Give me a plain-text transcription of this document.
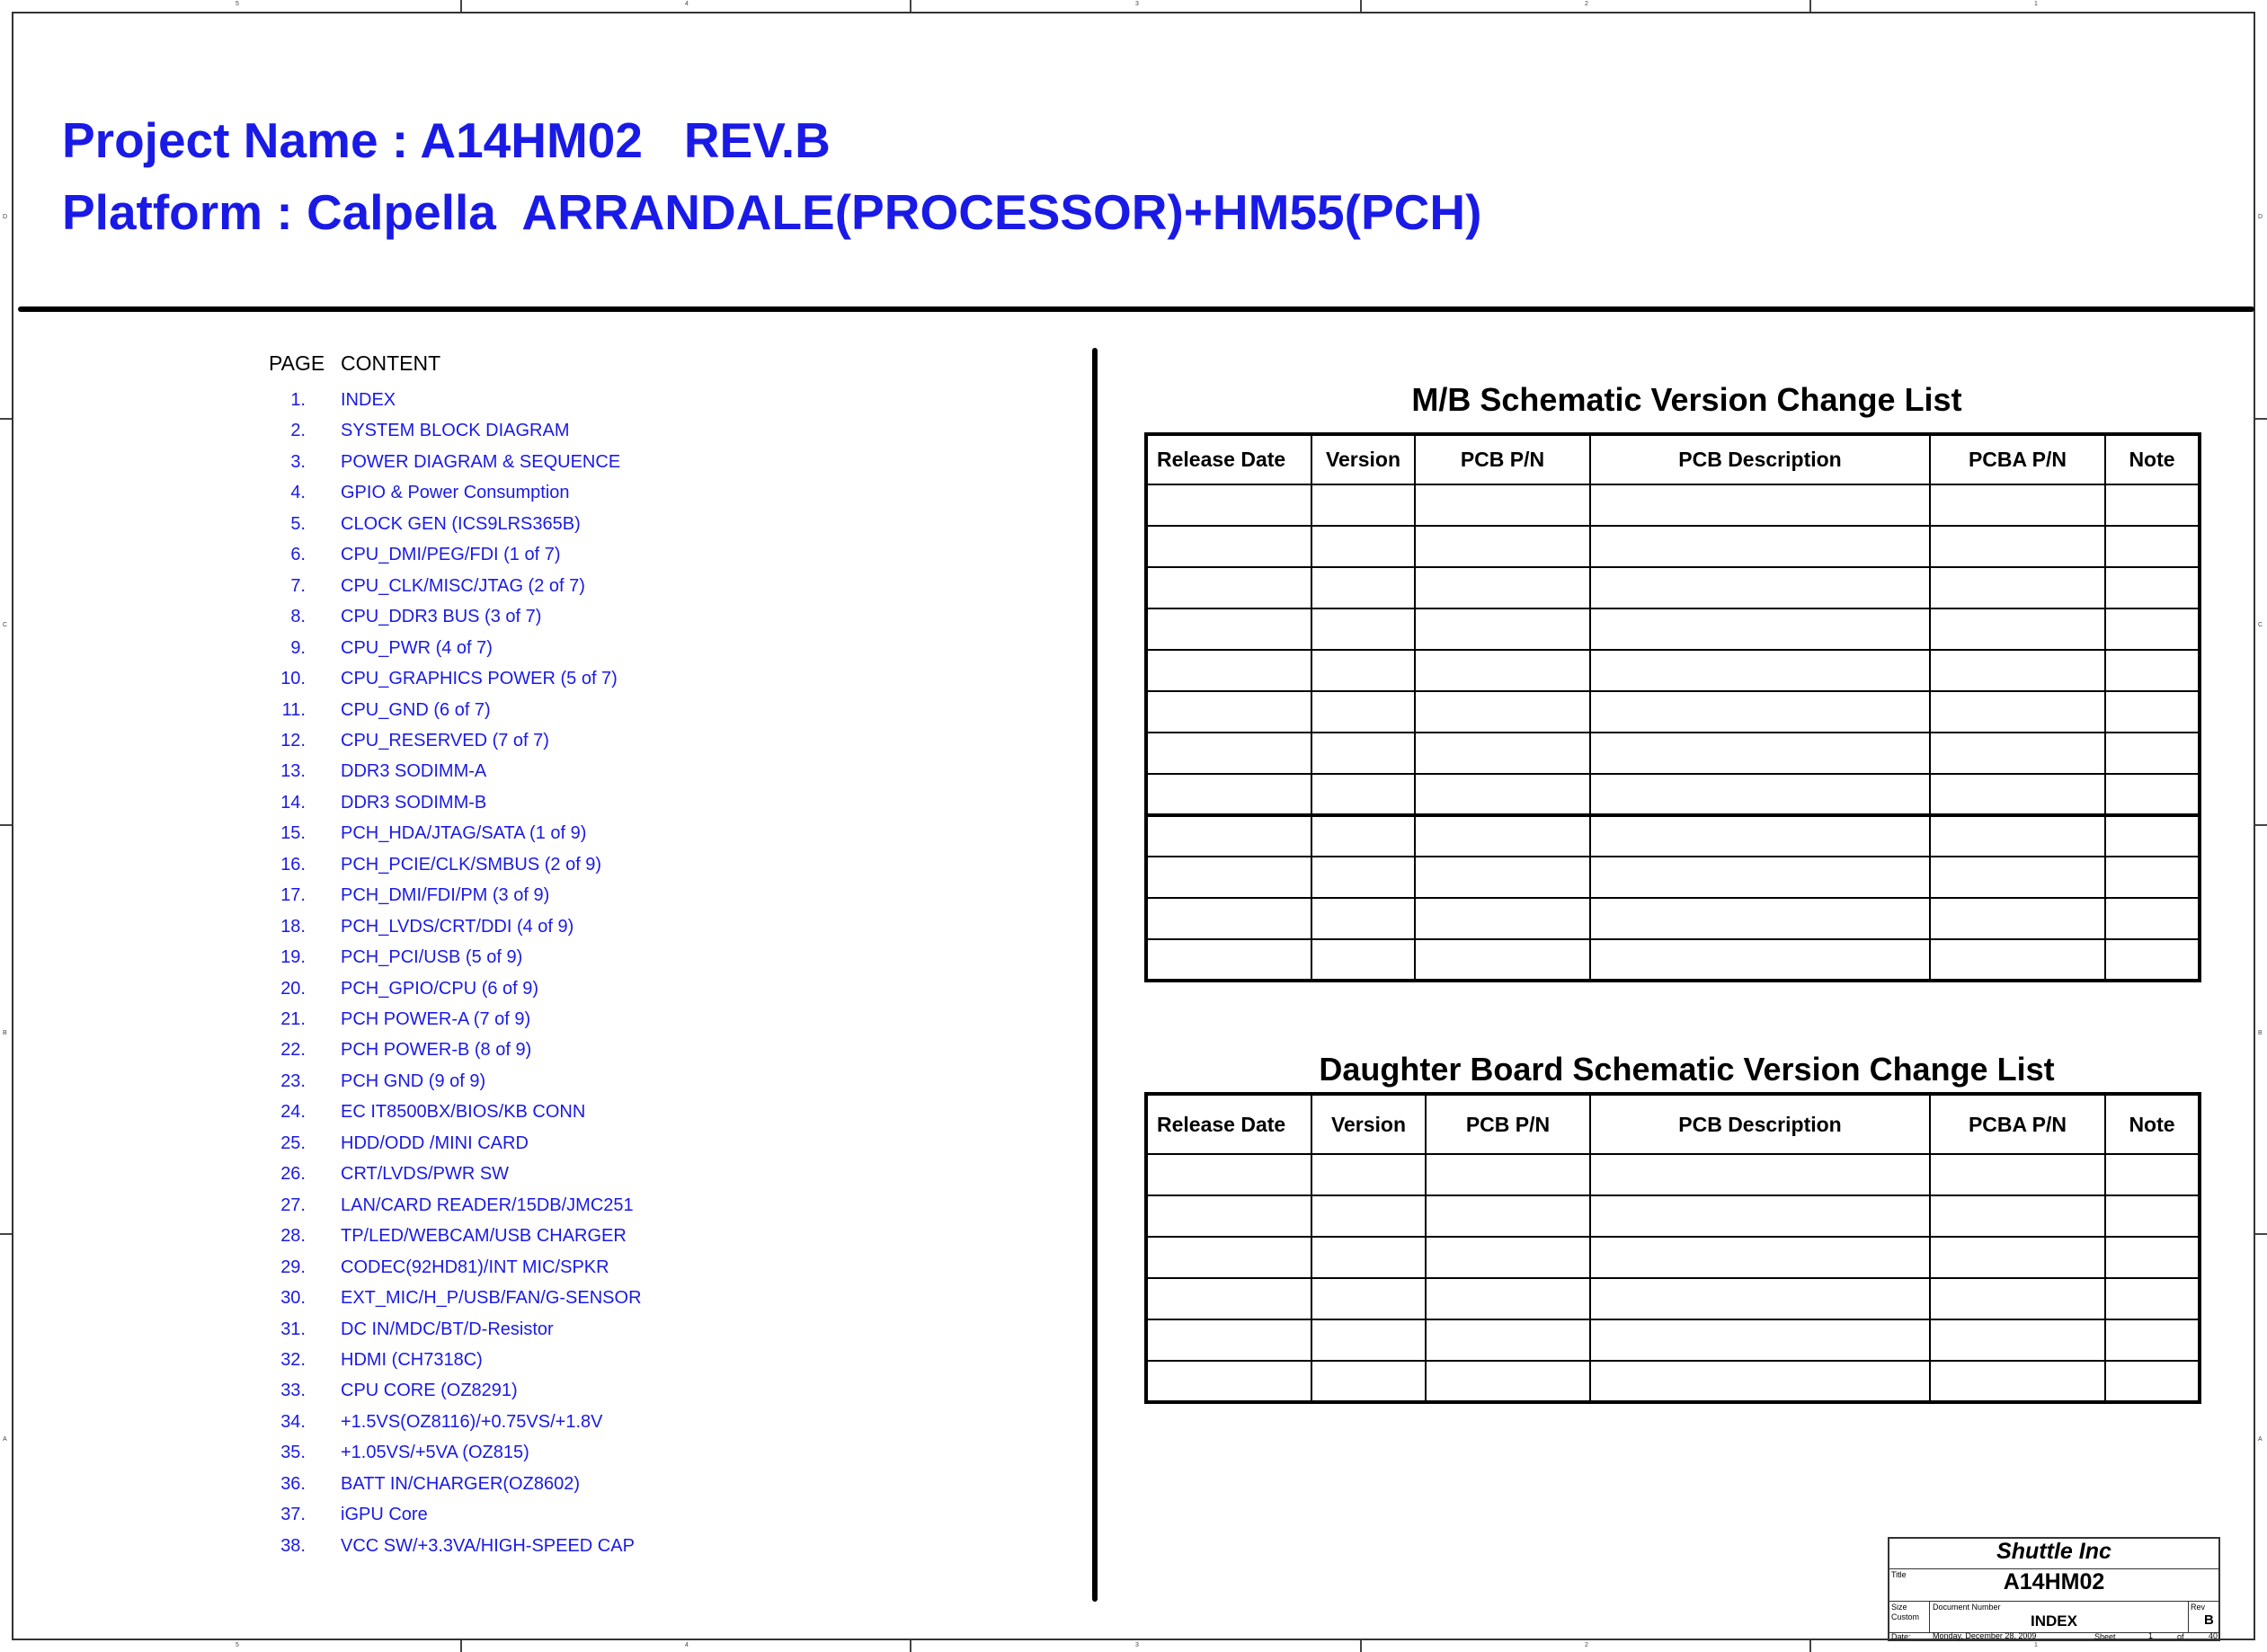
5	4	3	2	1
5	4	3	2	1
D
C
B
A
D
C
B
A
Project Name : A14HM02   REV.B
Platform : Calpella  ARRANDALE(PROCESSOR)+HM55(PCH)
PAGE CONTENT
1. INDEX
2. SYSTEM BLOCK DIAGRAM
3. POWER DIAGRAM & SEQUENCE
4. GPIO & Power Consumption
5. CLOCK GEN (ICS9LRS365B)
6. CPU_DMI/PEG/FDI (1 of 7)
7. CPU_CLK/MISC/JTAG (2 of 7)
8. CPU_DDR3 BUS (3 of 7)
9. CPU_PWR (4 of 7)
10. CPU_GRAPHICS POWER (5 of 7)
11. CPU_GND (6 of 7)
12. CPU_RESERVED (7 of 7)
13. DDR3 SODIMM-A
14. DDR3 SODIMM-B
15. PCH_HDA/JTAG/SATA (1 of 9)
16. PCH_PCIE/CLK/SMBUS (2 of 9)
17. PCH_DMI/FDI/PM (3 of 9)
18. PCH_LVDS/CRT/DDI (4 of 9)
19. PCH_PCI/USB (5 of 9)
20. PCH_GPIO/CPU (6 of 9)
21. PCH POWER-A (7 of 9)
22. PCH POWER-B (8 of 9)
23. PCH GND (9 of 9)
24. EC IT8500BX/BIOS/KB CONN
25. HDD/ODD /MINI CARD
26. CRT/LVDS/PWR SW
27. LAN/CARD READER/15DB/JMC251
28. TP/LED/WEBCAM/USB CHARGER
29. CODEC(92HD81)/INT MIC/SPKR
30. EXT_MIC/H_P/USB/FAN/G-SENSOR
31. DC IN/MDC/BT/D-Resistor
32. HDMI (CH7318C)
33. CPU CORE (OZ8291)
34. +1.5VS(OZ8116)/+0.75VS/+1.8V
35. +1.05VS/+5VA (OZ815)
36. BATT IN/CHARGER(OZ8602)
37. iGPU Core
38. VCC SW/+3.3VA/HIGH-SPEED CAP
M/B Schematic Version Change List
Release Date	Version	PCB P/N	PCB Description	PCBA P/N	Note

Daughter Board Schematic Version Change List
Release Date	Version	PCB P/N	PCB Description	PCBA P/N	Note

Shuttle Inc
Title	A14HM02
Size
Custom
Document Number
INDEX
Rev
B
Date:	Monday, December 28, 2009	Sheet	1	of	40
